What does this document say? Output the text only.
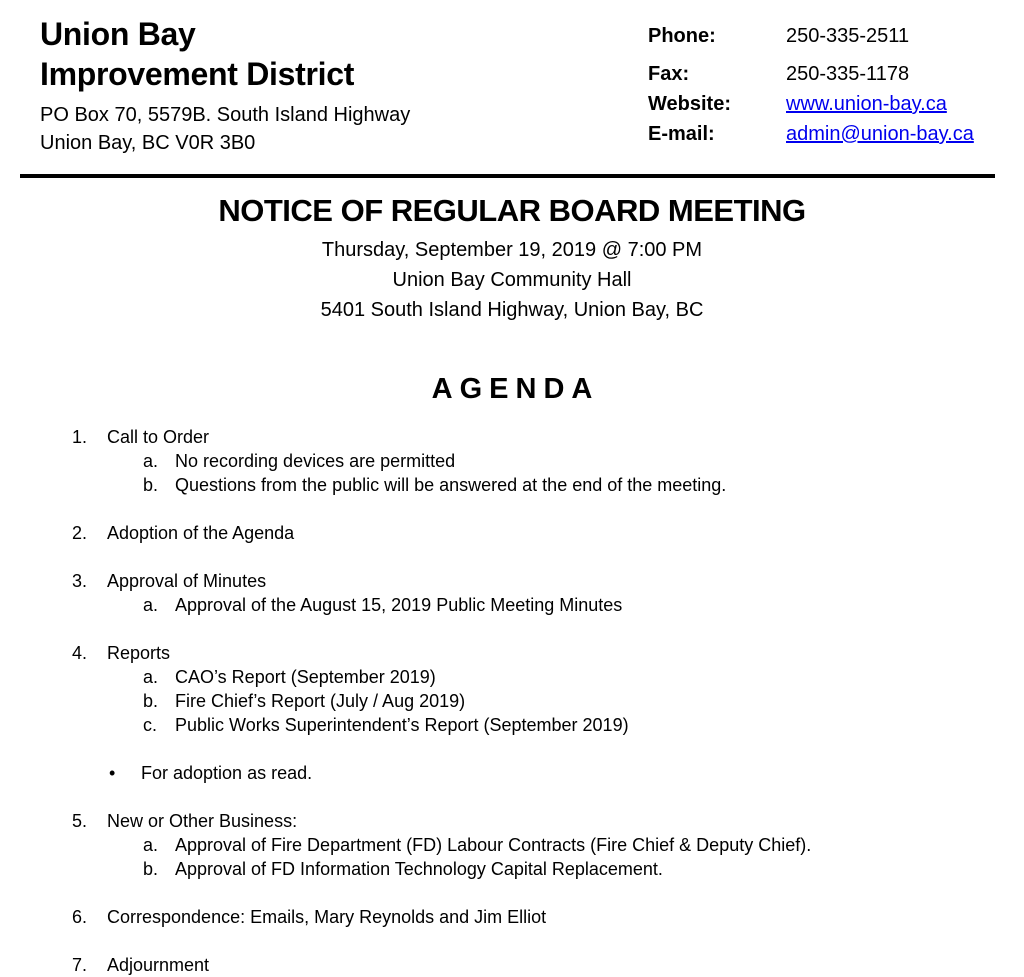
Union Bay
Improvement District
PO Box 70, 5579B. South Island Highway
Union Bay, BC V0R 3B0
Phone:	250-335-2511
Fax:	250-335-1178
Website:	www.union-bay.ca
E-mail:	admin@union-bay.ca
NOTICE OF REGULAR BOARD MEETING
Thursday, September 19, 2019 @ 7:00 PM
Union Bay Community Hall
5401 South Island Highway, Union Bay, BC
AGENDA
1.	Call to Order
a. No recording devices are permitted
b. Questions from the public will be answered at the end of the meeting.
2.	Adoption of the Agenda
3.	Approval of Minutes
a. Approval of the August 15, 2019 Public Meeting Minutes
4.	Reports
a. CAO’s Report (September 2019)
b. Fire Chief’s Report (July / Aug 2019)
c. Public Works Superintendent’s Report (September 2019)
•	For adoption as read.
5.	New or Other Business:
a. Approval of Fire Department (FD) Labour Contracts (Fire Chief & Deputy Chief).
b. Approval of FD Information Technology Capital Replacement.
6.	Correspondence: Emails, Mary Reynolds and Jim Elliot
7.	Adjournment
